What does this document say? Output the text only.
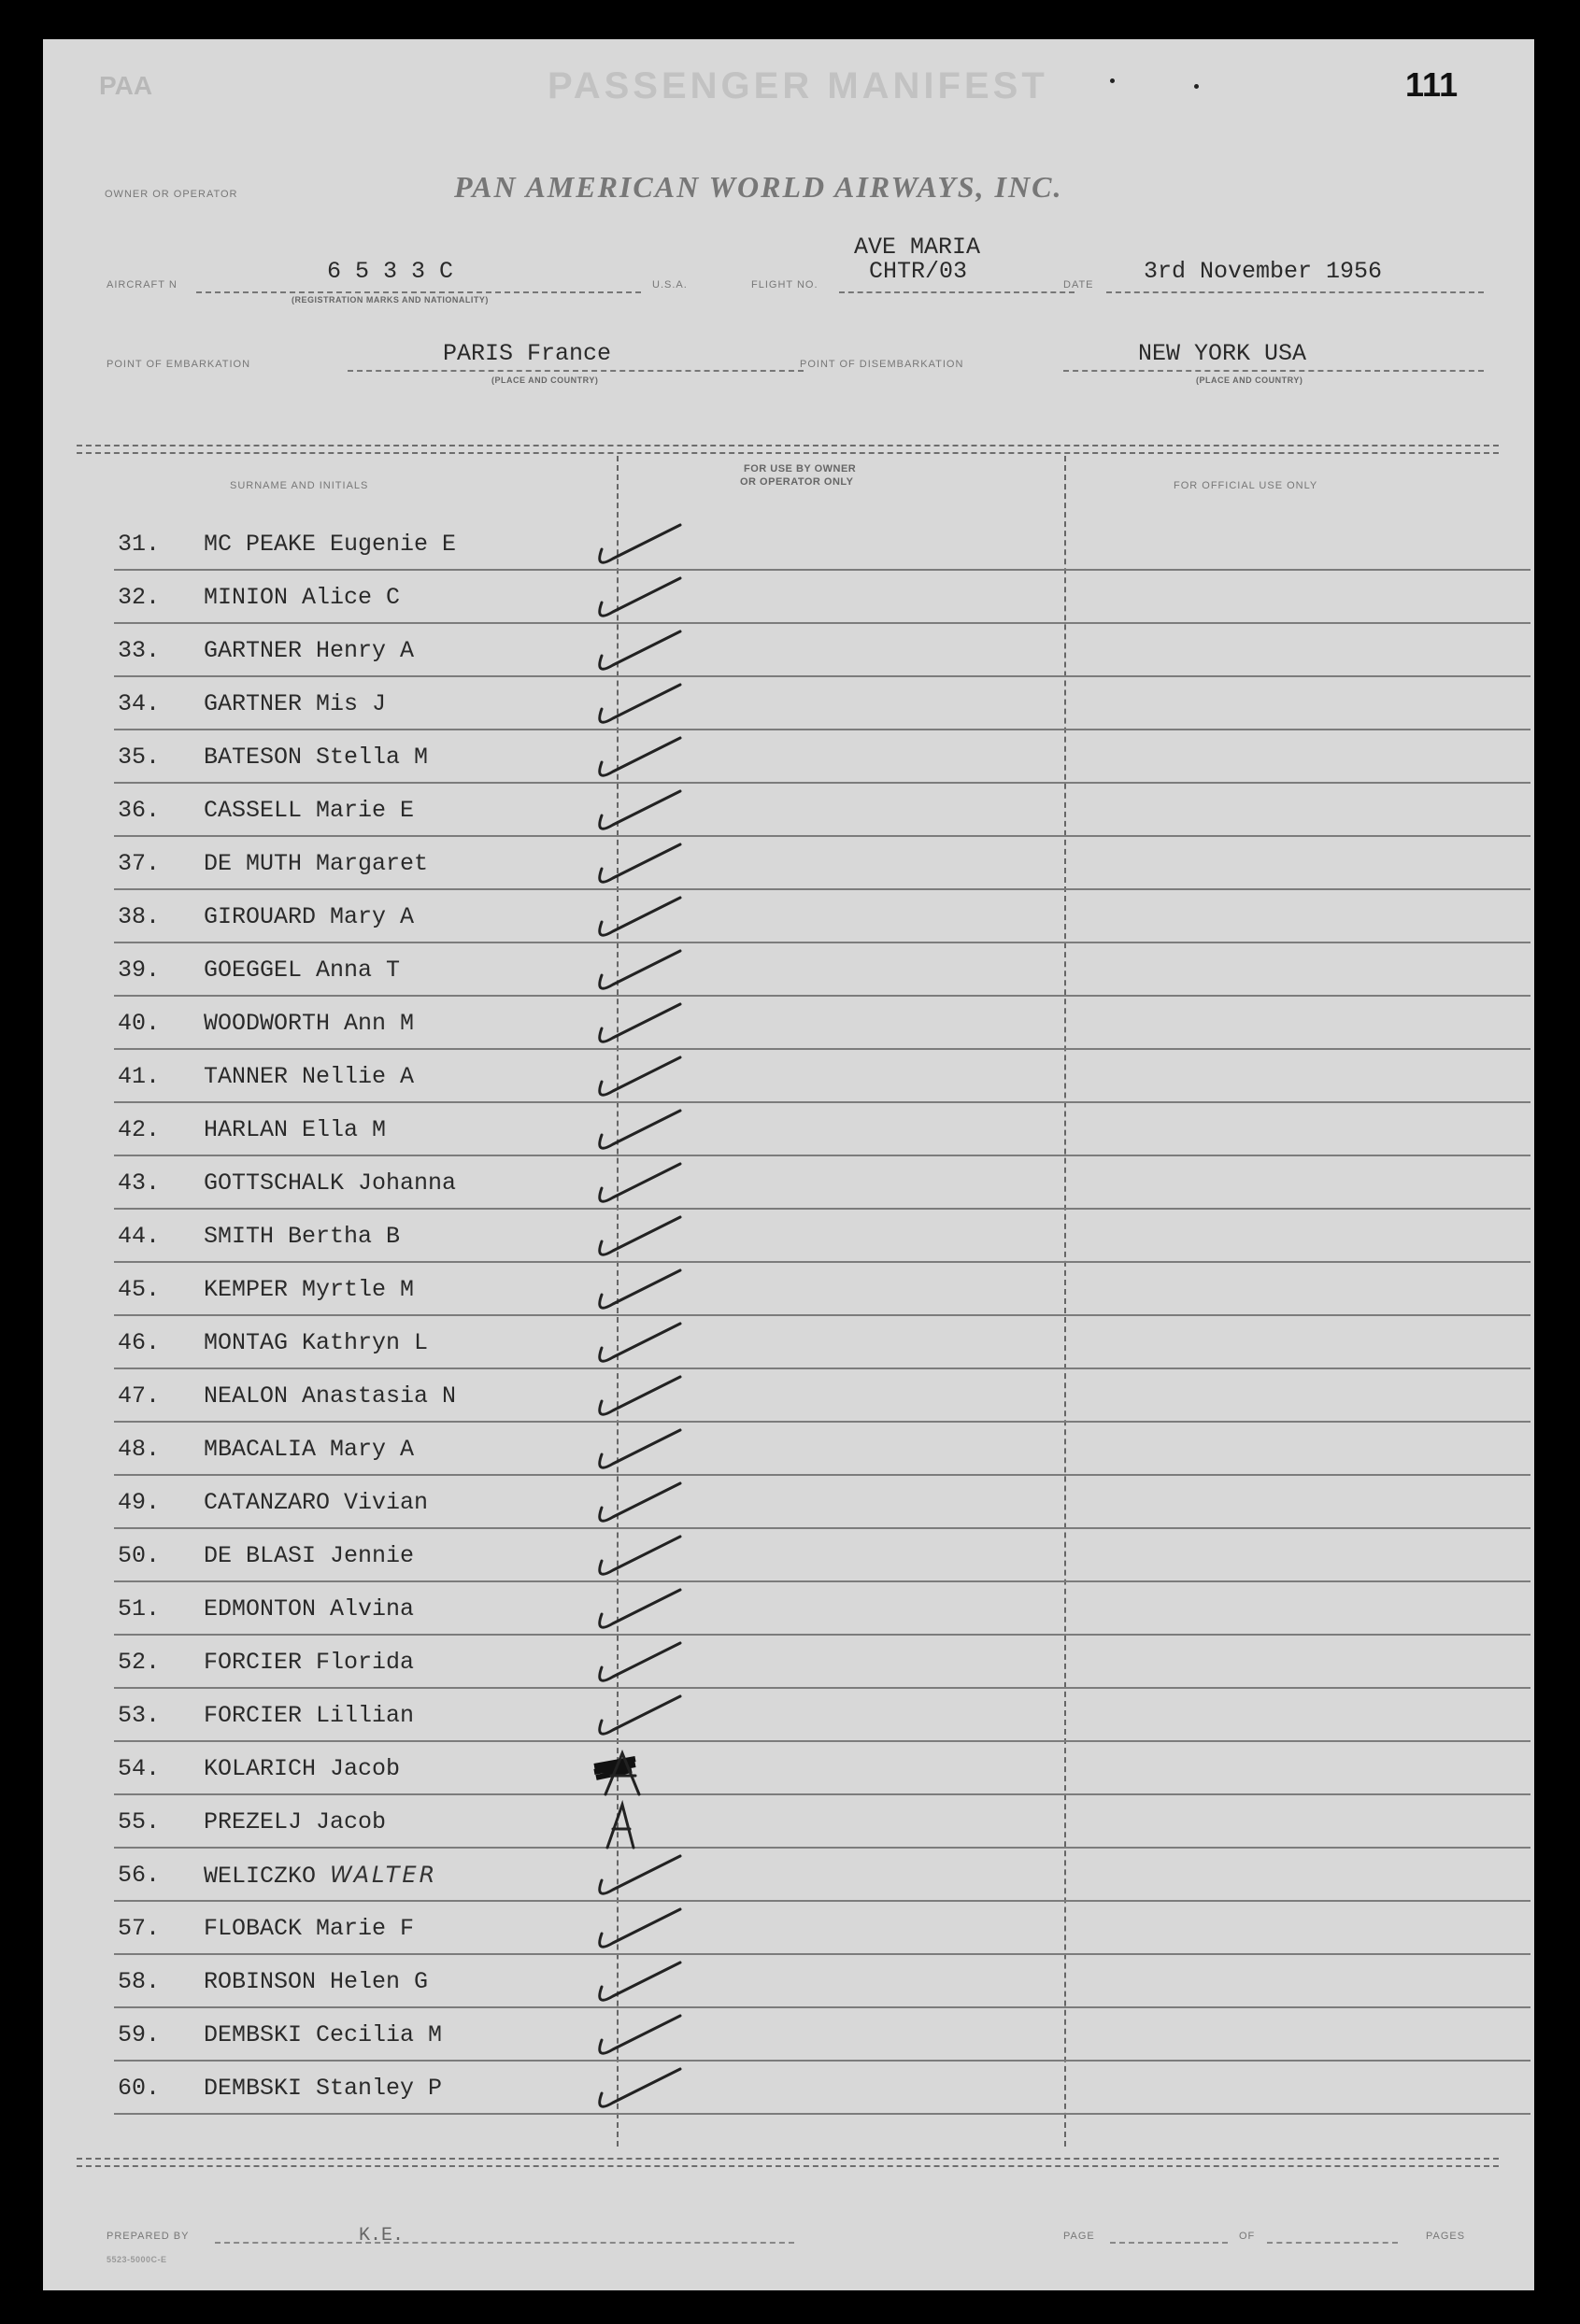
PAA	PASSENGER MANIFEST	111
OWNER OR OPERATOR	PAN AMERICAN WORLD AIRWAYS, INC.
AVE MARIA
AIRCRAFT N	6 5 3 3 C
(REGISTRATION MARKS AND NATIONALITY)
U.S.A.	FLIGHT NO. CHTR/03	DATE 3rd November 1956
POINT OF EMBARKATION	PARIS France
(PLACE AND COUNTRY)
POINT OF DISEMBARKATION	NEW YORK USA
(PLACE AND COUNTRY)
SURNAME AND INITIALS
FOR USE BY OWNER
OR OPERATOR ONLY	FOR OFFICIAL USE ONLY
31. MC PEAKE Eugenie E
32. MINION Alice C
33. GARTNER Henry A
34. GARTNER Mis J
35. BATESON Stella M
36. CASSELL Marie E
37. DE MUTH Margaret
38. GIROUARD Mary A
39. GOEGGEL Anna T
40. WOODWORTH Ann M
41. TANNER Nellie A
42. HARLAN Ella M
43. GOTTSCHALK Johanna
44. SMITH Bertha B
45. KEMPER Myrtle M
46. MONTAG Kathryn L
47. NEALON Anastasia N
48. MBACALIA Mary A
49. CATANZARO Vivian
50. DE BLASI Jennie
51. EDMONTON Alvina
52. FORCIER Florida
53. FORCIER Lillian
54. KOLARICH Jacob
55. PREZELJ Jacob
56. WELICZKO WALTER
57. FLOBACK Marie F
58. ROBINSON Helen G
59. DEMBSKI Cecilia M
60. DEMBSKI Stanley P
PREPARED BY	K.E.	PAGE	OF	PAGES
5523-5000C-E
